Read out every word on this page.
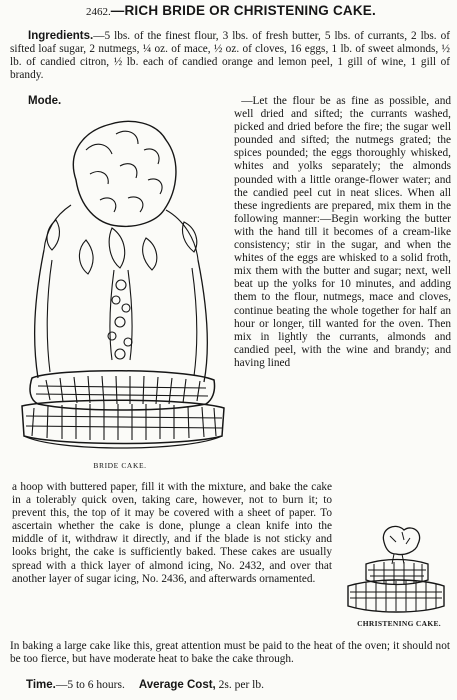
2462.—RICH BRIDE OR CHRISTENING CAKE.

Ingredients.—5 lbs. of the finest flour, 3 lbs. of fresh butter, 5 lbs. of currants, 2 lbs. of sifted loaf sugar, 2 nutmegs, ¼ oz. of mace, ½ oz. of cloves, 16 eggs, 1 lb. of sweet almonds, ½ lb. of candied citron, ½ lb. each of candied orange and lemon peel, 1 gill of wine, 1 gill of brandy.

BRIDE CAKE.

Mode.	—Let the flour be as fine as possible, and well dried and sifted; the currants washed, picked and dried before the fire; the sugar well pounded and sifted; the nutmegs grated; the spices pounded; the eggs thoroughly whisked, whites and yolks separately; the almonds pounded with a little orange-flower water; and the candied peel cut in neat slices. When all these ingredients are prepared, mix them in the following manner:—Begin working the butter with the hand till it becomes of a cream-like consistency; stir in the sugar, and when the whites of the eggs are whisked to a solid froth, mix them with the butter and sugar; next, well beat up the yolks for 10 minutes, and adding them to the flour, nutmegs, mace and cloves, continue beating the whole together for half an hour or longer, till wanted for the oven. Then mix in lightly the currants, almonds and candied peel, with the wine and brandy; and having lined

a hoop with buttered paper, fill it with the mixture, and bake the cake in a tolerably quick oven, taking care, however, not to burn it; to prevent this, the top of it may be covered with a sheet of paper. To ascertain whether the cake is done, plunge a clean knife into the middle of it, withdraw it directly, and if the blade is not sticky and looks bright, the cake is sufficiently baked. These cakes are usually spread with a thick layer of almond icing, No. 2432, and over that another layer of sugar icing, No. 2436, and afterwards ornamented.

CHRISTENING CAKE.

In baking a large cake like this, great attention must be paid to the heat of the oven; it should not be too fierce, but have moderate heat to bake the cake through.

Time.—5 to 6 hours. Average Cost, 2s. per lb.
